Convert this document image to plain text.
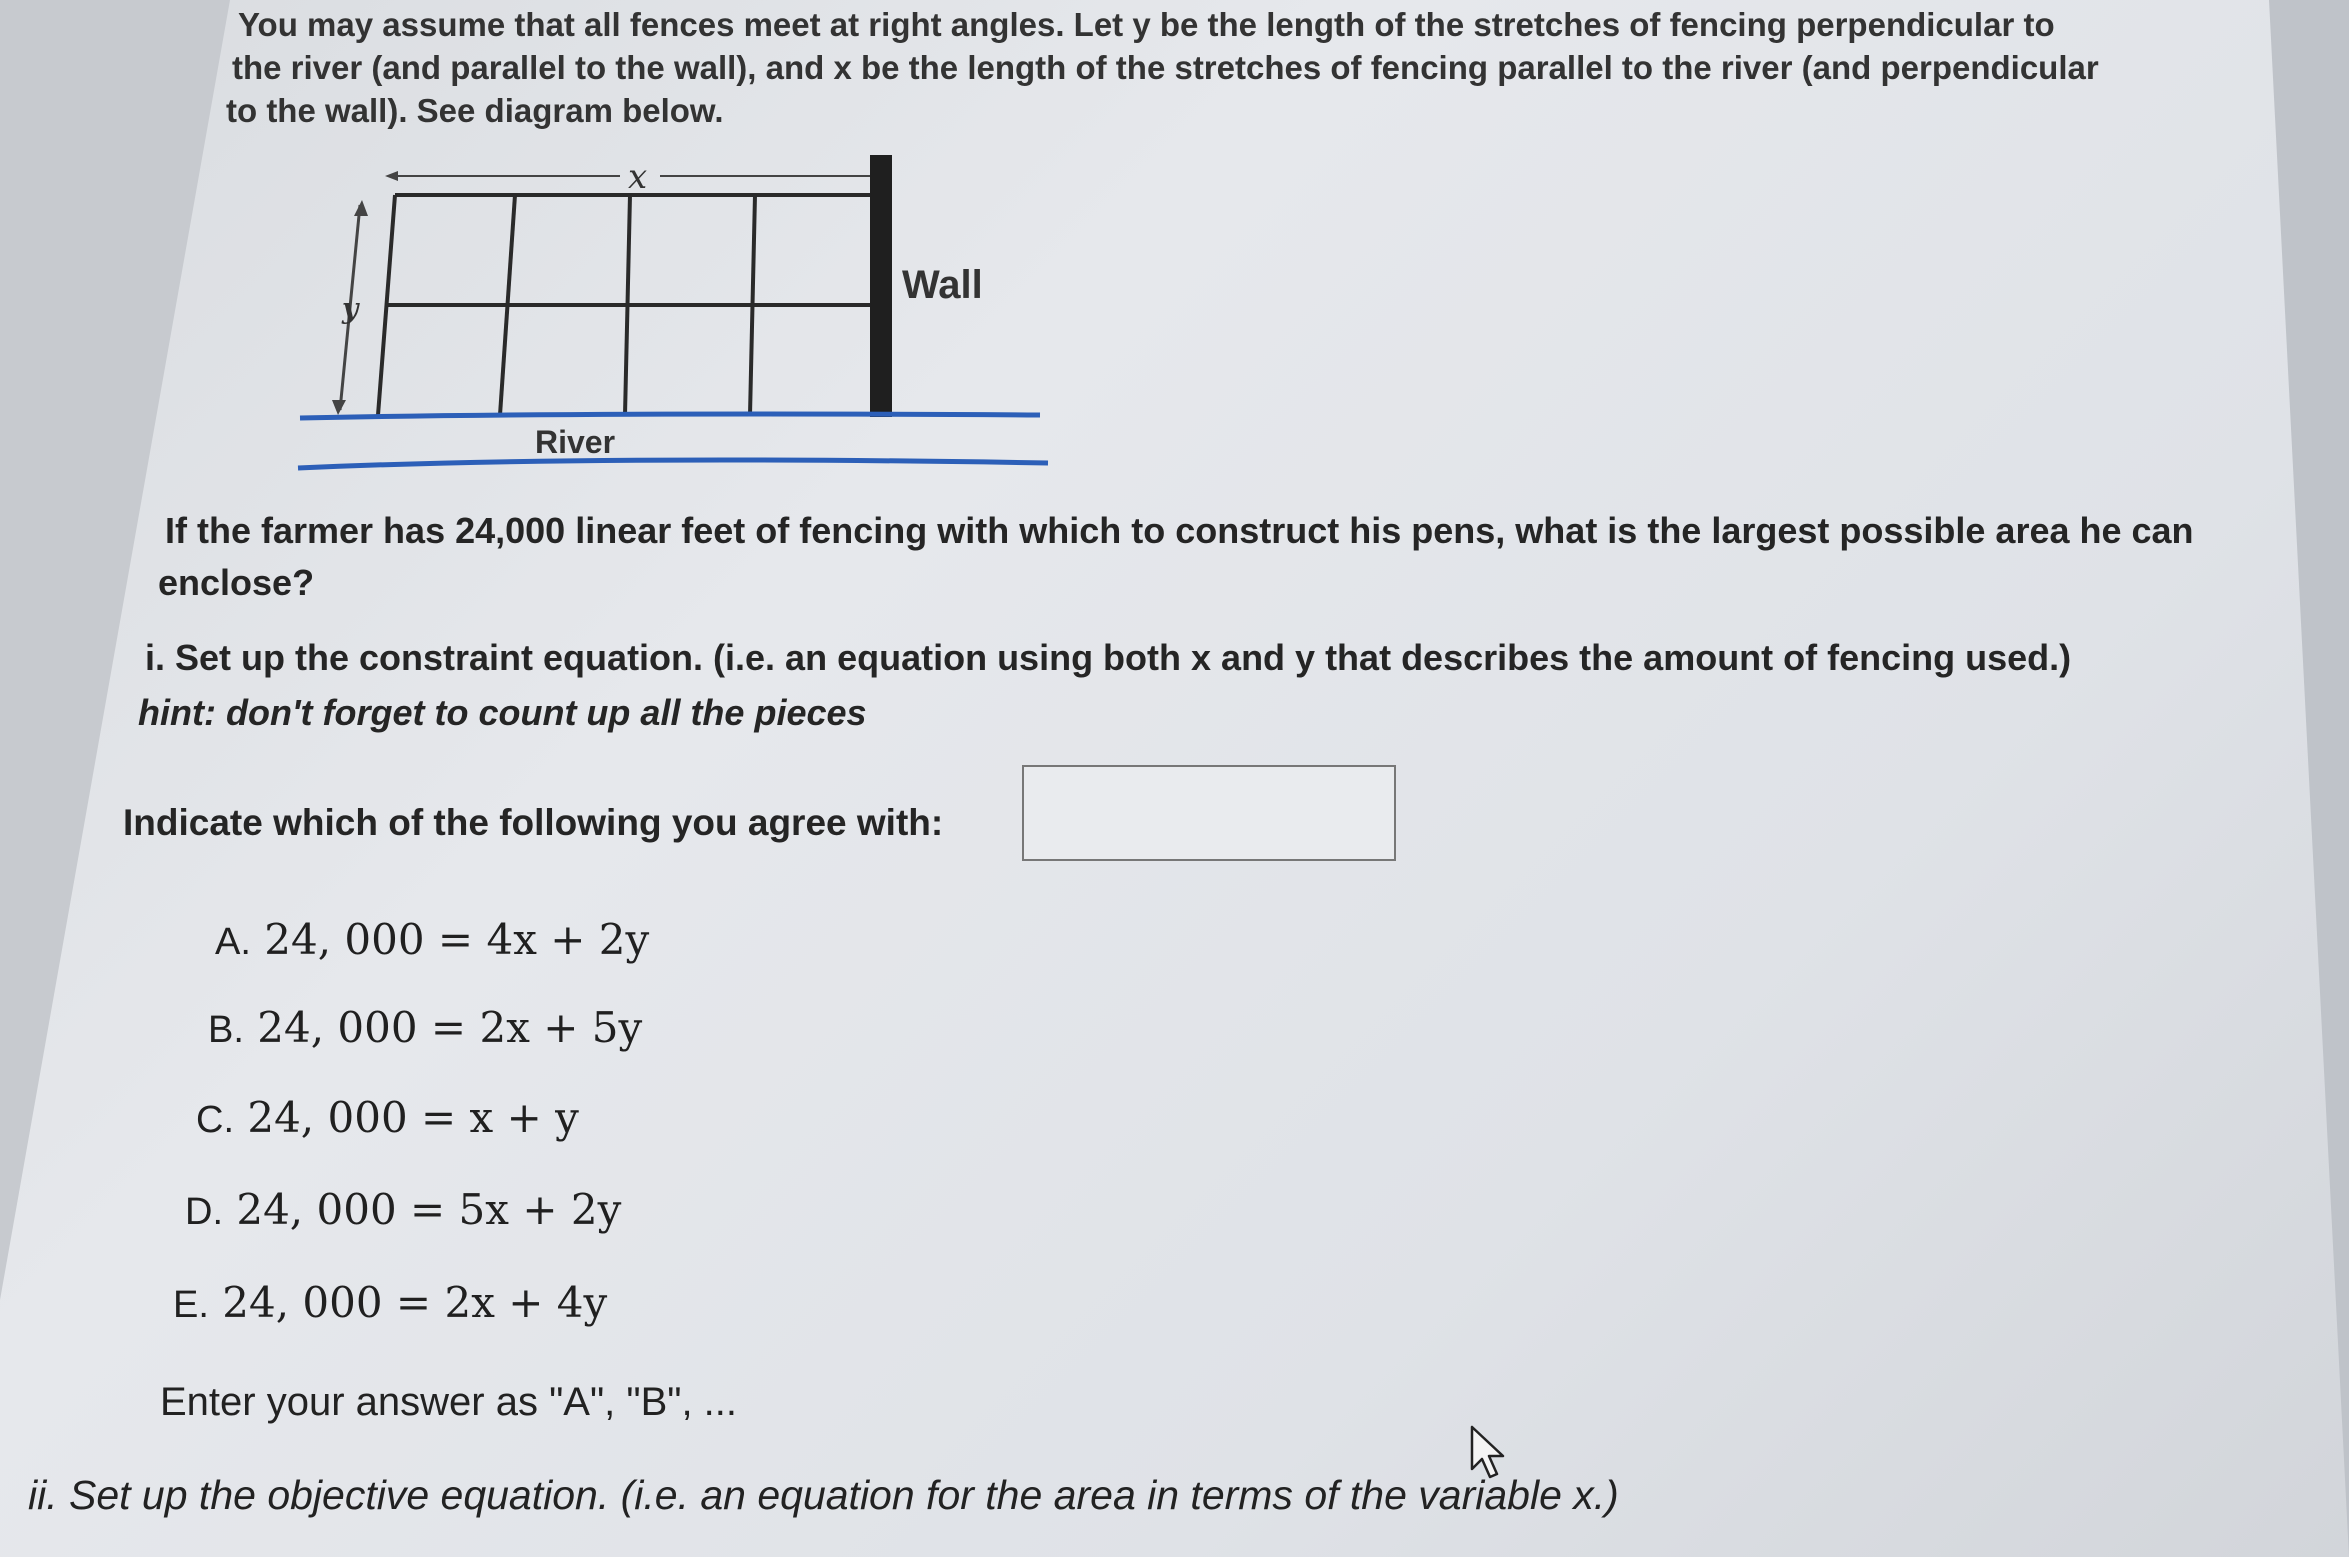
You may assume that all fences meet at right angles. Let y be the length of the stretches of fencing perpendicular to
the river (and parallel to the wall), and x be the length of the stretches of fencing parallel to the river (and perpendicular
to the wall). See diagram below.
x
y
Wall
River
If the farmer has 24,000 linear feet of fencing with which to construct his pens, what is the largest possible area he can
enclose?
i. Set up the constraint equation. (i.e. an equation using both x and y that describes the amount of fencing used.)
hint: don't forget to count up all the pieces
Indicate which of the following you agree with:
A. 24, 000 = 4x + 2y
B. 24, 000 = 2x + 5y
C. 24, 000 = x + y
D. 24, 000 = 5x + 2y
E. 24, 000 = 2x + 4y
Enter your answer as "A", "B", ...
ii. Set up the objective equation. (i.e. an equation for the area in terms of the variable x.)
